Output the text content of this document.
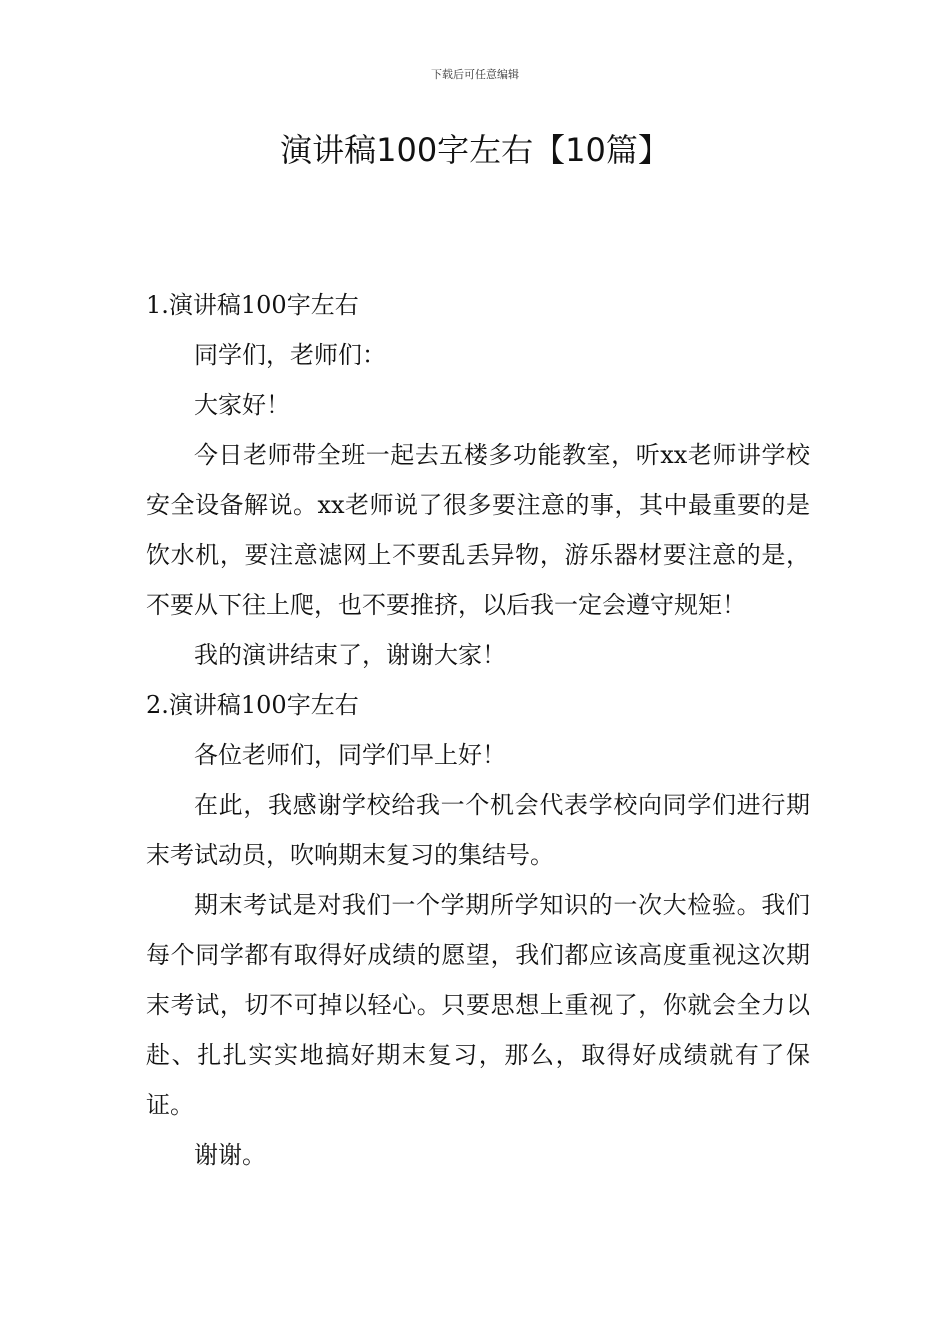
下载后可任意编辑
演讲稿100字左右【10篇】
1.演讲稿100字左右

同学们，老师们：

大家好！

今日老师带全班一起去五楼多功能教室，听xx老师讲学校安全设备解说。xx老师说了很多要注意的事，其中最重要的是饮水机，要注意滤网上不要乱丢异物，游乐器材要注意的是，不要从下往上爬，也不要推挤，以后我一定会遵守规矩！

我的演讲结束了，谢谢大家！

2.演讲稿100字左右

各位老师们，同学们早上好！

在此，我感谢学校给我一个机会代表学校向同学们进行期末考试动员，吹响期末复习的集结号。

期末考试是对我们一个学期所学知识的一次大检验。我们每个同学都有取得好成绩的愿望，我们都应该高度重视这次期末考试，切不可掉以轻心。只要思想上重视了，你就会全力以赴、扎扎实实地搞好期末复习，那么，取得好成绩就有了保证。

谢谢。
